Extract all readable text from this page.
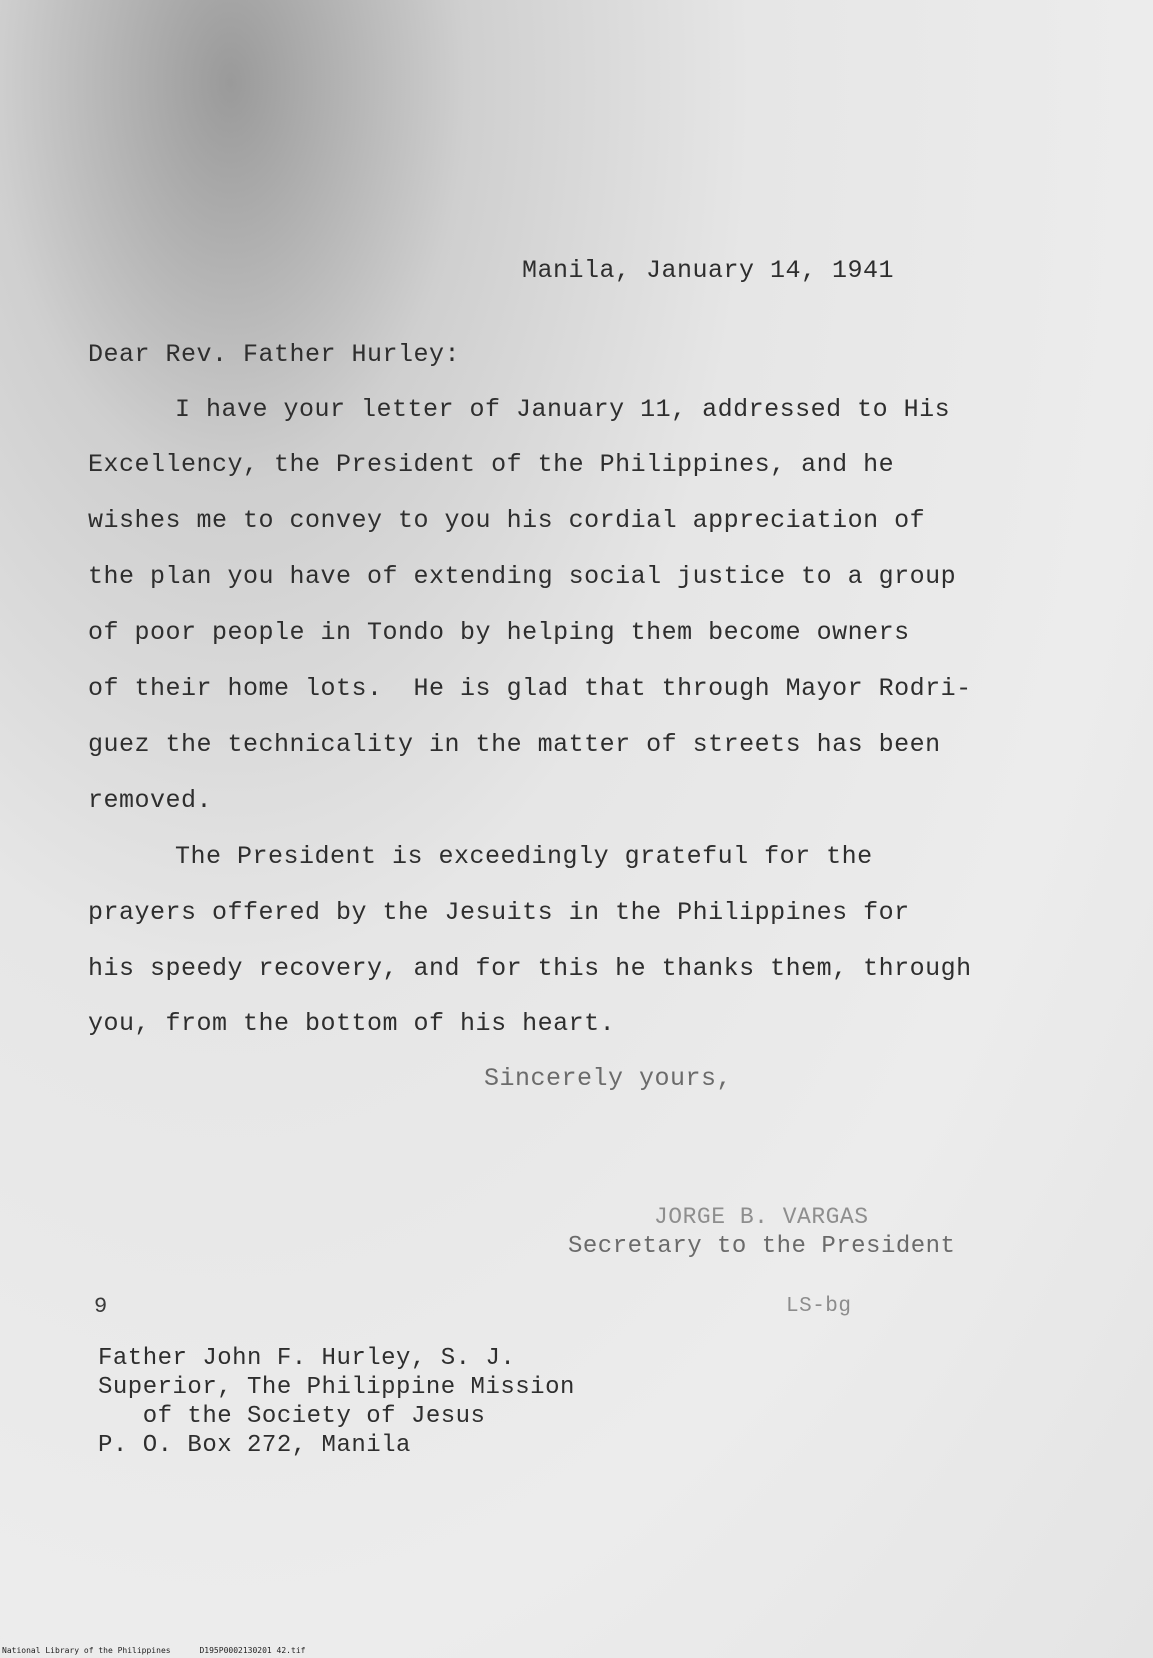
Manila, January 14, 1941
Dear Rev. Father Hurley:
I have your letter of January 11, addressed to His
Excellency, the President of the Philippines, and he
wishes me to convey to you his cordial appreciation of
the plan you have of extending social justice to a group
of poor people in Tondo by helping them become owners
of their home lots.  He is glad that through Mayor Rodri-
guez the technicality in the matter of streets has been
removed.
The President is exceedingly grateful for the
prayers offered by the Jesuits in the Philippines for
his speedy recovery, and for this he thanks them, through
you, from the bottom of his heart.
Sincerely yours,
JORGE B. VARGAS
Secretary to the President
9	LS-bg
Father John F. Hurley, S. J.
Superior, The Philippine Mission
of the Society of Jesus
P. O. Box 272, Manila
National Library of the Philippines	D195P0002130201 42.tif
